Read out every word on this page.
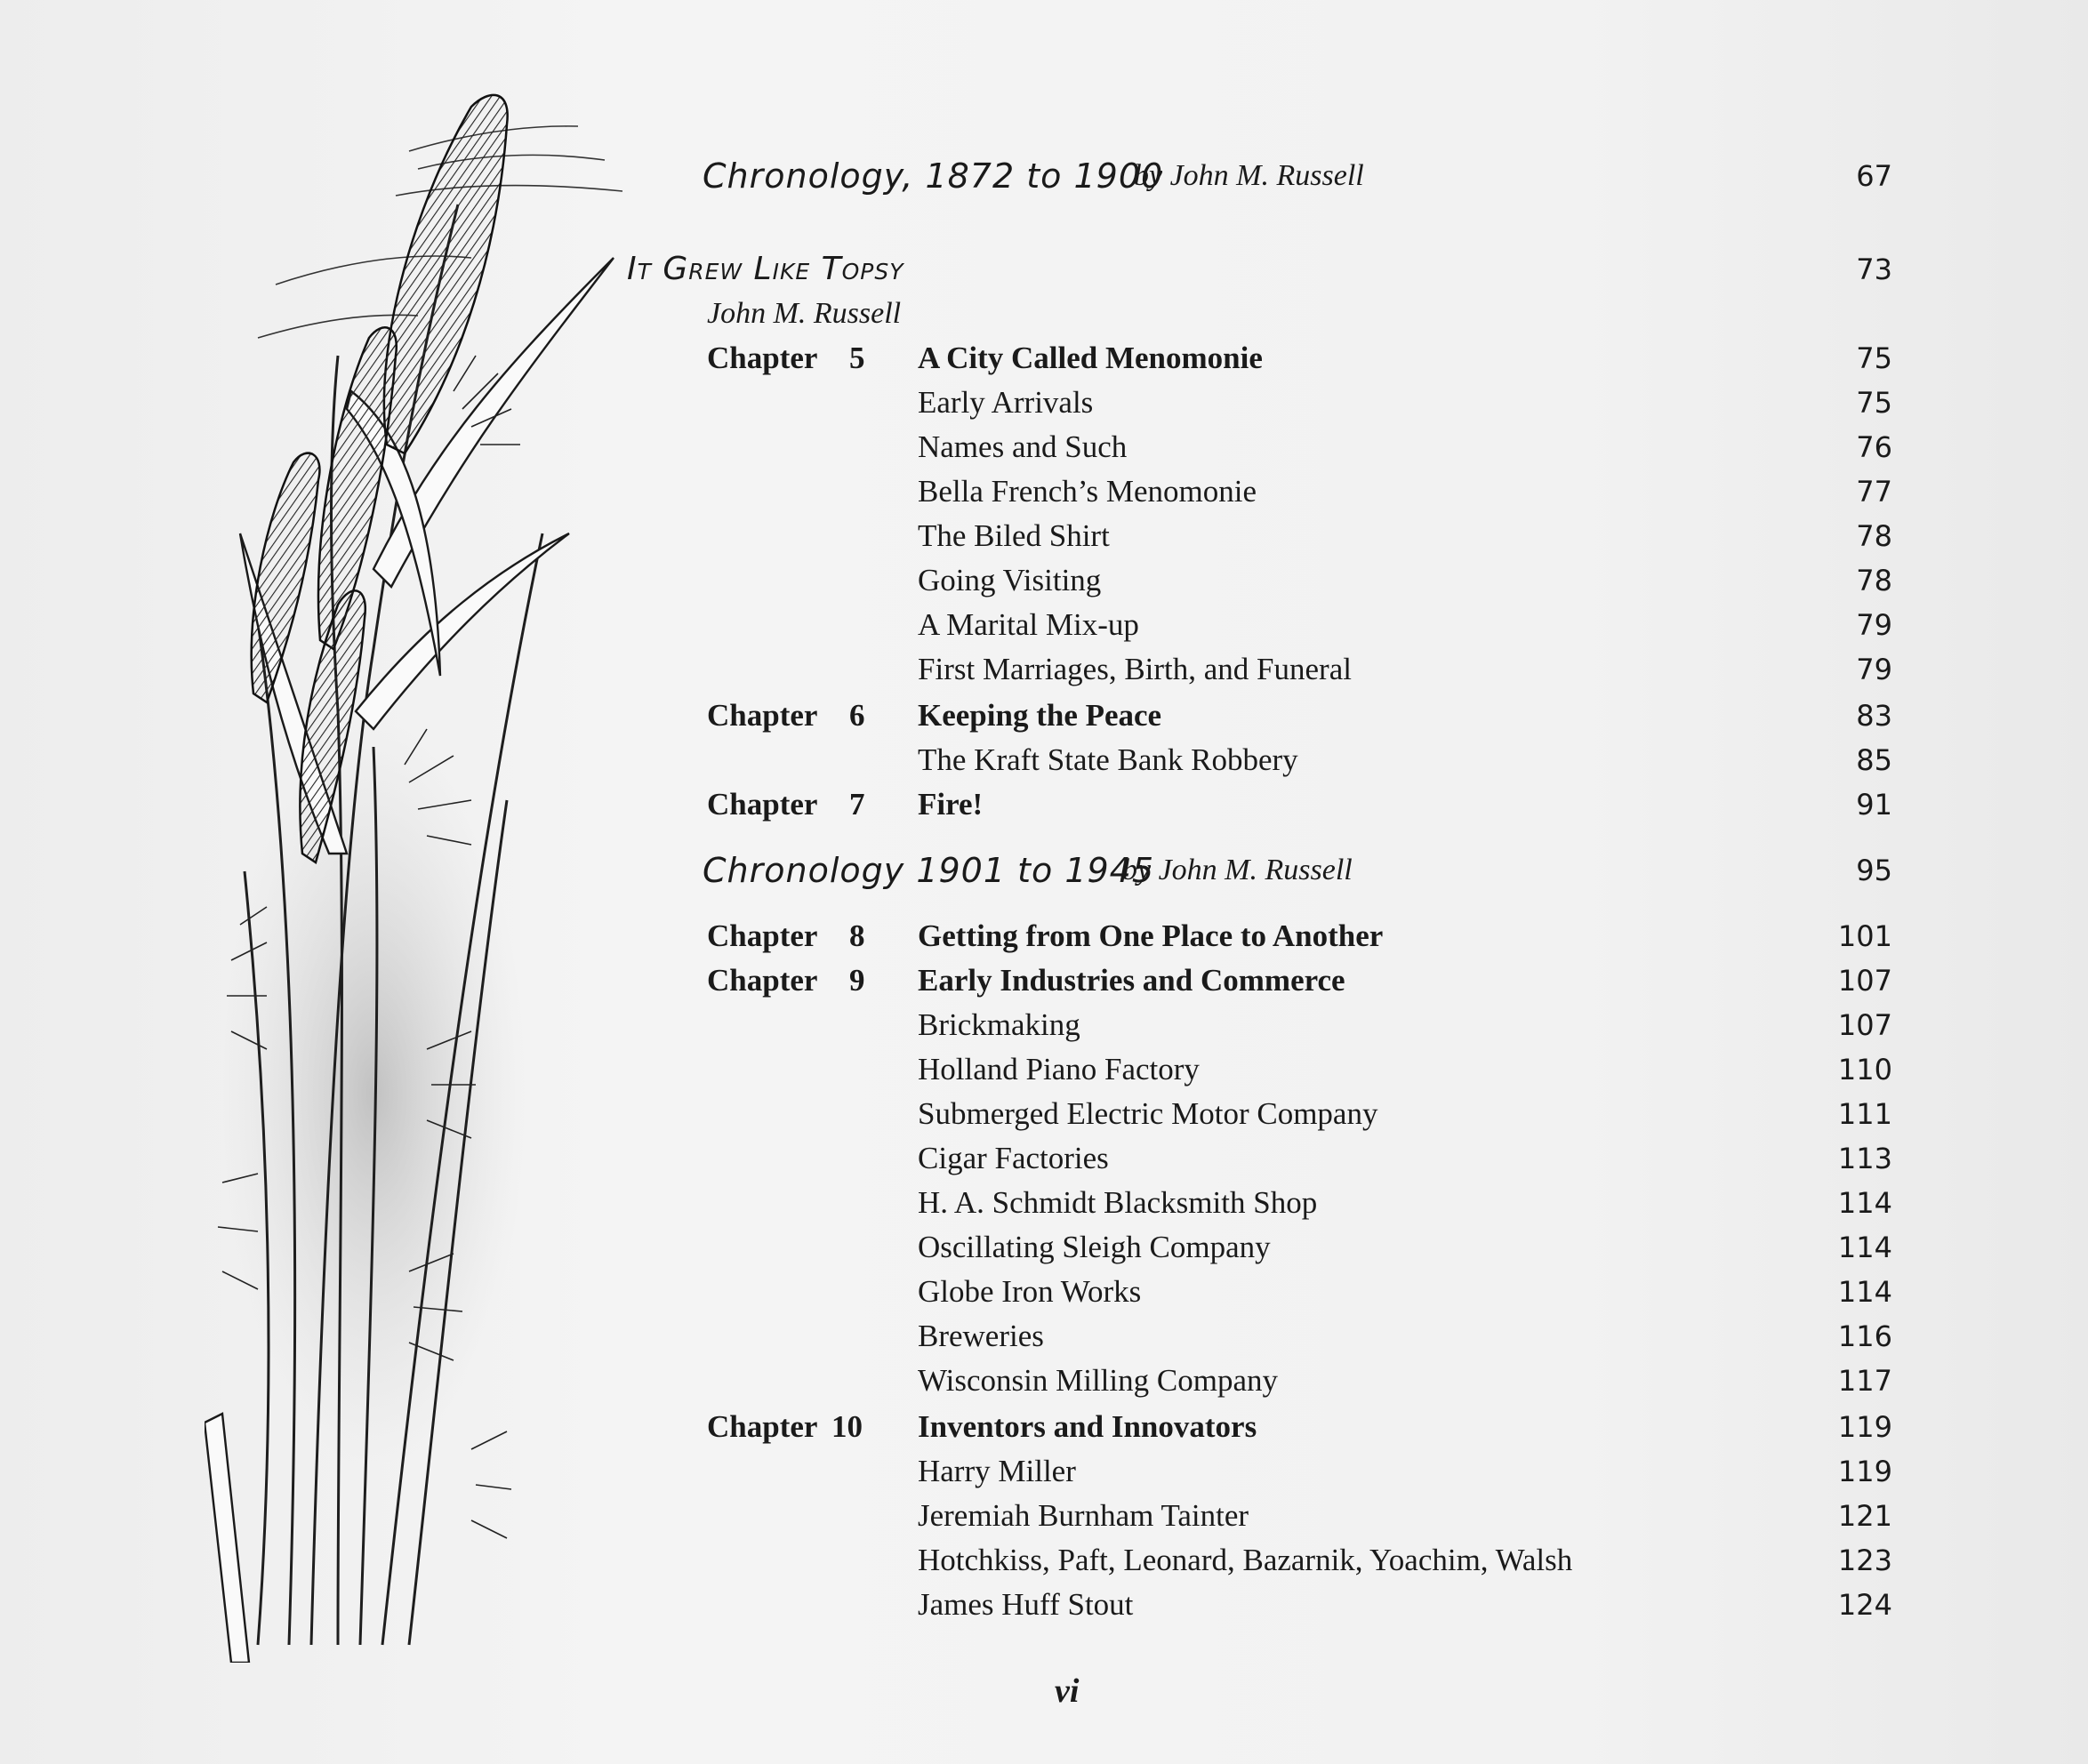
Chronology, 1872 to 1900
by John M. Russell	67
It Grew Like Topsy	73
John M. Russell
Chapter 5 A City Called Menomonie	75
Early Arrivals	75
Names and Such	76
Bella French’s Menomonie	77
The Biled Shirt	78
Going Visiting	78
A Marital Mix-up	79
First Marriages, Birth, and Funeral	79
Chapter 6 Keeping the Peace	83
The Kraft State Bank Robbery	85
Chapter 7 Fire!	91
Chronology 1901 to 1945
by John M. Russell	95
Chapter 8 Getting from One Place to Another	101
Chapter 9 Early Industries and Commerce	107
Brickmaking	107
Holland Piano Factory	110
Submerged Electric Motor Company	111
Cigar Factories	113
H. A. Schmidt Blacksmith Shop	114
Oscillating Sleigh Company	114
Globe Iron Works	114
Breweries	116
Wisconsin Milling Company	117
Chapter 10 Inventors and Innovators	119
Harry Miller	119
Jeremiah Burnham Tainter	121
Hotchkiss, Paft, Leonard, Bazarnik, Yoachim, Walsh	123
James Huff Stout	124
vi
